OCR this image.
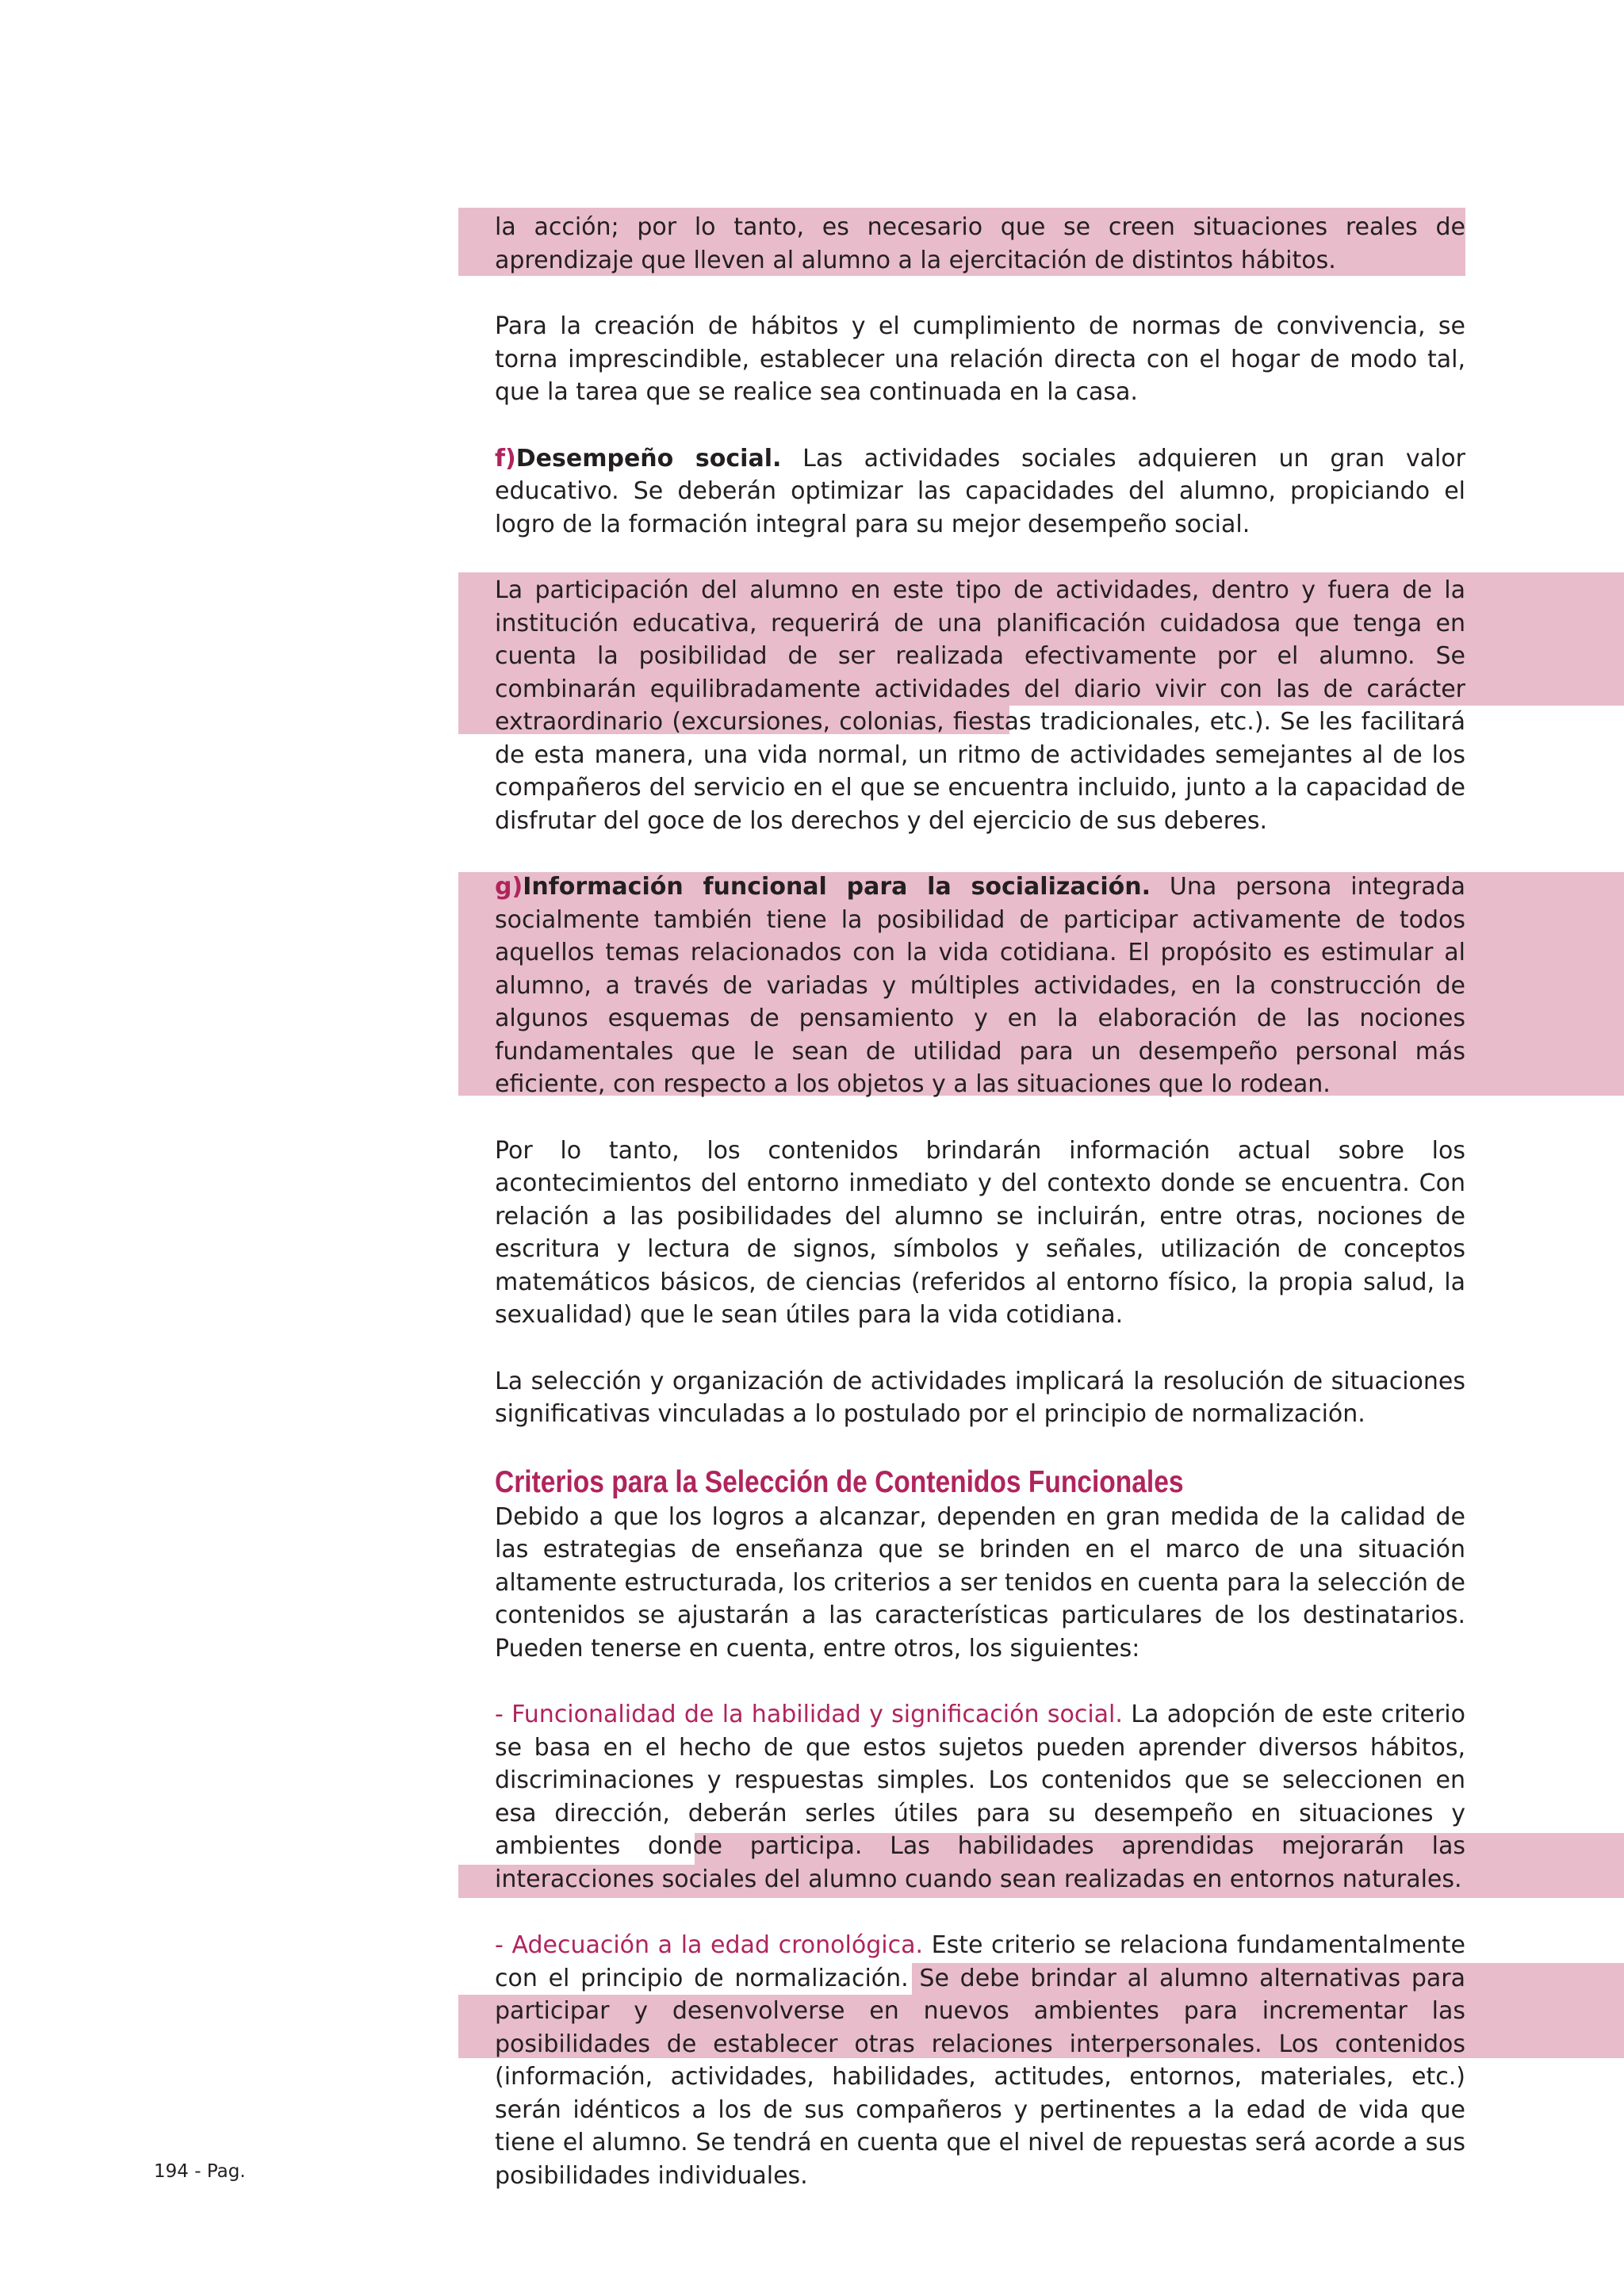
la acción; por lo tanto, es necesario que se creen situaciones reales de aprendizaje que lleven al alumno a la ejercitación de distintos hábitos.

Para la creación de hábitos y el cumplimiento de normas de convivencia, se torna imprescindible, establecer una relación directa con el hogar de modo tal, que la tarea que se realice sea continuada en la casa.

f)Desempeño social. Las actividades sociales adquieren un gran valor educativo. Se deberán optimizar las capacidades del alumno, propiciando el logro de la formación integral para su mejor desempeño social.

La participación del alumno en este tipo de actividades, dentro y fuera de la institución educativa, requerirá de una planificación cuidadosa que tenga en cuenta la posibilidad de ser realizada efectivamente por el alumno. Se combinarán equilibradamente actividades del diario vivir con las de carácter extraordinario (excursiones, colonias, fiestas tradicionales, etc.). Se les facilitará de esta manera, una vida normal, un ritmo de actividades semejantes al de los compañeros del servicio en el que se encuentra incluido, junto a la capacidad de disfrutar del goce de los derechos y del ejercicio de sus deberes.

g)Información funcional para la socialización. Una persona integrada socialmente también tiene la posibilidad de participar activamente de todos aquellos temas relacionados con la vida cotidiana. El propósito es estimular al alumno, a través de variadas y múltiples actividades, en la construcción de algunos esquemas de pensamiento y en la elaboración de las nociones fundamentales que le sean de utilidad para un desempeño personal más eficiente, con respecto a los objetos y a las situaciones que lo rodean.

Por lo tanto, los contenidos brindarán información actual sobre los acontecimientos del entorno inmediato y del contexto donde se encuentra. Con relación a las posibilidades del alumno se incluirán, entre otras, nociones de escritura y lectura de signos, símbolos y señales, utilización de conceptos matemáticos básicos, de ciencias (referidos al entorno físico, la propia salud, la sexualidad) que le sean útiles para la vida cotidiana.

La selección y organización de actividades implicará la resolución de situaciones significativas vinculadas a lo postulado por el principio de normalización.

Criterios para la Selección de Contenidos Funcionales

Debido a que los logros a alcanzar, dependen en gran medida de la calidad de las estrategias de enseñanza que se brinden en el marco de una situación altamente estructurada, los criterios a ser tenidos en cuenta para la selección de contenidos se ajustarán a las características particulares de los destinatarios. Pueden tenerse en cuenta, entre otros, los siguientes:

- Funcionalidad de la habilidad y significación social. La adopción de este criterio se basa en el hecho de que estos sujetos pueden aprender diversos hábitos, discriminaciones y respuestas simples. Los contenidos que se seleccionen en esa dirección, deberán serles útiles para su desempeño en situaciones y ambientes donde participa. Las habilidades aprendidas mejorarán las interacciones sociales del alumno cuando sean realizadas en entornos naturales.

- Adecuación a la edad cronológica. Este criterio se relaciona fundamentalmente con el principio de normalización. Se debe brindar al alumno alternativas para participar y desenvolverse en nuevos ambientes para incrementar las posibilidades de establecer otras relaciones interpersonales. Los contenidos (información, actividades, habilidades, actitudes, entornos, materiales, etc.) serán idénticos a los de sus compañeros y pertinentes a la edad de vida que tiene el alumno. Se tendrá en cuenta que el nivel de repuestas será acorde a sus posibilidades individuales.

194 - Pag.
